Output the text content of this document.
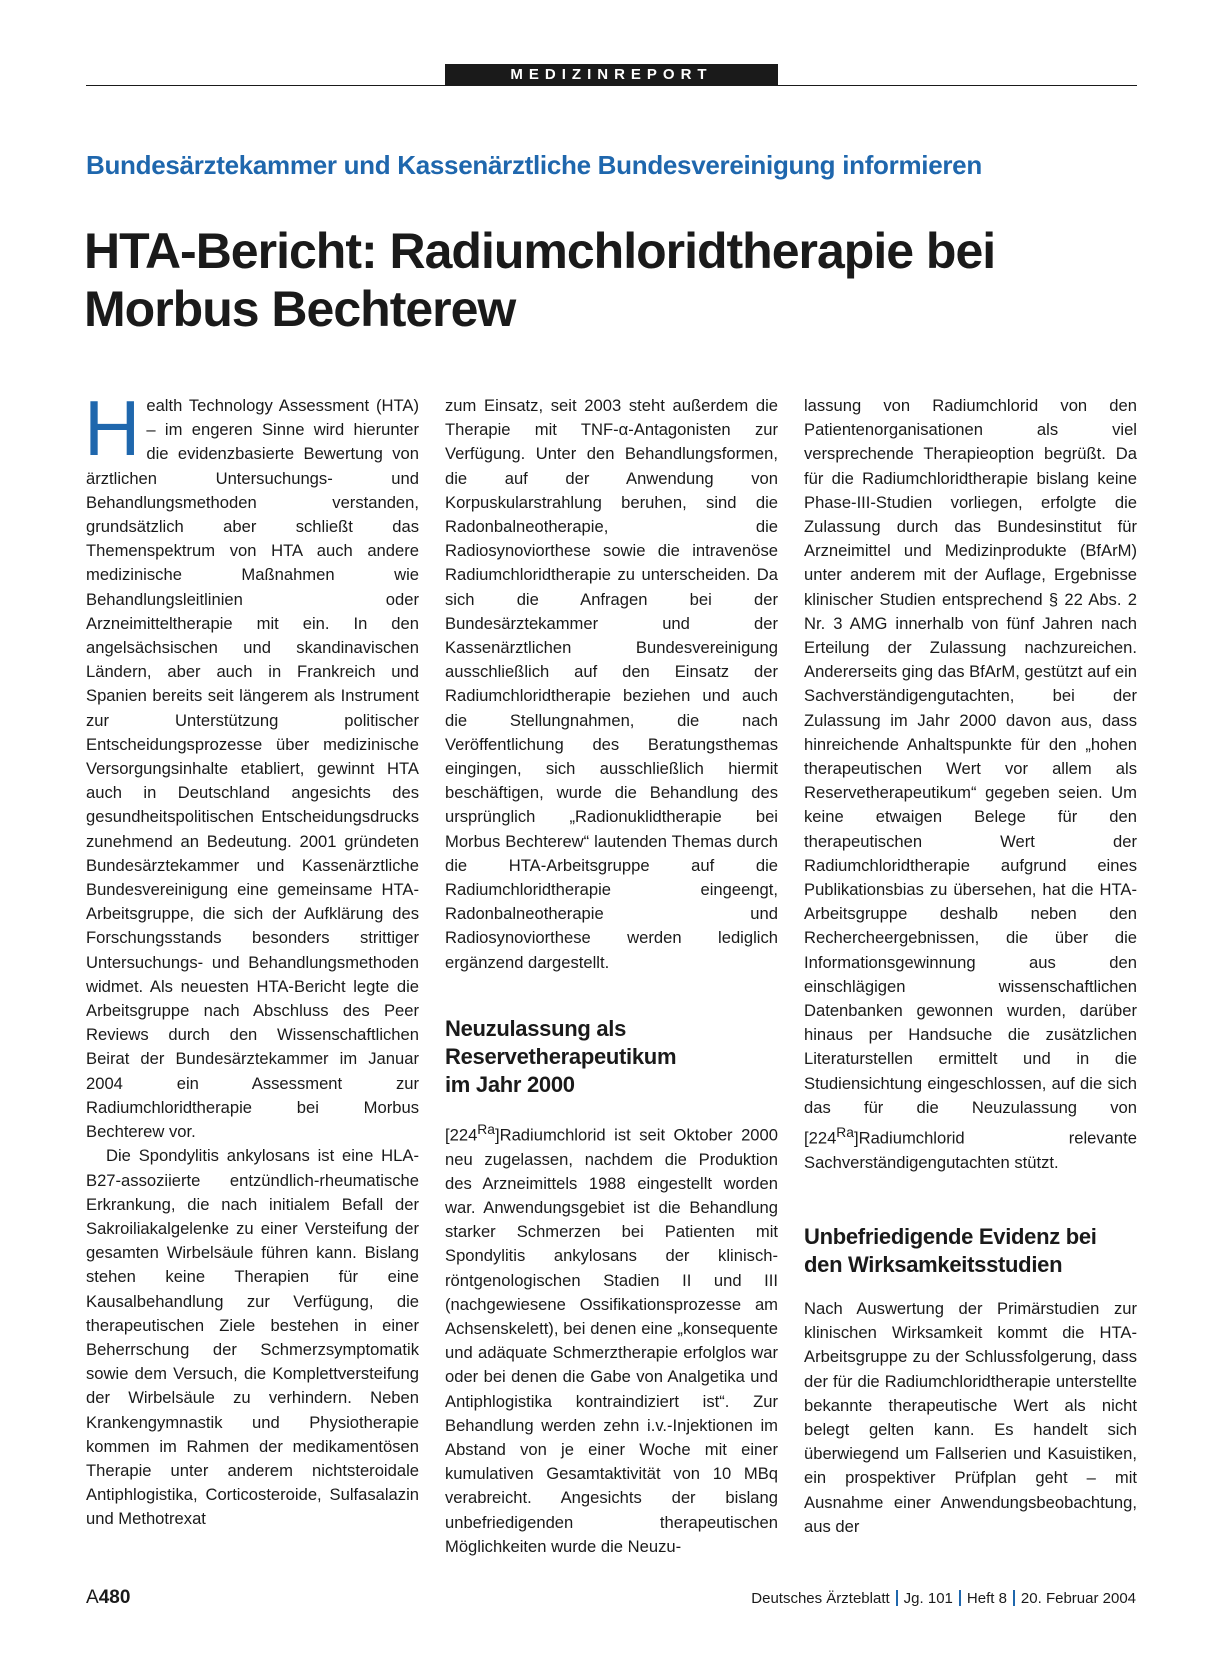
MEDIZINREPORT
Bundesärztekammer und Kassenärztliche Bundesvereinigung informieren
HTA-Bericht: Radiumchloridtherapie bei
Morbus Bechterew

Health Technology Assessment (HTA) – im engeren Sinne wird hierunter die evidenzbasierte Bewertung von ärztlichen Untersuchungs- und Behandlungsmethoden verstanden, grundsätzlich aber schließt das Themenspektrum von HTA auch andere medizinische Maßnahmen wie Behandlungsleitlinien oder Arzneimitteltherapie mit ein. In den angelsächsischen und skandinavischen Ländern, aber auch in Frankreich und Spanien bereits seit längerem als Instrument zur Unterstützung politischer Entscheidungsprozesse über medizinische Versorgungsinhalte etabliert, gewinnt HTA auch in Deutschland angesichts des gesundheitspolitischen Entscheidungsdrucks zunehmend an Bedeutung. 2001 gründeten Bundesärztekammer und Kassenärztliche Bundesvereinigung eine gemeinsame HTA-Arbeitsgruppe, die sich der Aufklärung des Forschungsstands besonders strittiger Untersuchungs- und Behandlungsmethoden widmet. Als neuesten HTA-Bericht legte die Arbeitsgruppe nach Abschluss des Peer Reviews durch den Wissenschaftlichen Beirat der Bundesärztekammer im Januar 2004 ein Assessment zur Radiumchloridtherapie bei Morbus Bechterew vor.

Die Spondylitis ankylosans ist eine HLA-B27-assoziierte entzündlich-rheumatische Erkrankung, die nach initialem Befall der Sakroiliakalgelenke zu einer Versteifung der gesamten Wirbelsäule führen kann. Bislang stehen keine Therapien für eine Kausalbehandlung zur Verfügung, die therapeutischen Ziele bestehen in einer Beherrschung der Schmerzsymptomatik sowie dem Versuch, die Komplettversteifung der Wirbelsäule zu verhindern. Neben Krankengymnastik und Physiotherapie kommen im Rahmen der medikamentösen Therapie unter anderem nichtsteroidale Antiphlogistika, Corticosteroide, Sulfasalazin und Methotrexat

zum Einsatz, seit 2003 steht außerdem die Therapie mit TNF-α-Antagonisten zur Verfügung. Unter den Behandlungsformen, die auf der Anwendung von Korpuskularstrahlung beruhen, sind die Radonbalneotherapie, die Radiosynoviorthese sowie die intravenöse Radiumchloridtherapie zu unterscheiden. Da sich die Anfragen bei der Bundesärztekammer und der Kassenärztlichen Bundesvereinigung ausschließlich auf den Einsatz der Radiumchloridtherapie beziehen und auch die Stellungnahmen, die nach Veröffentlichung des Beratungsthemas eingingen, sich ausschließlich hiermit beschäftigen, wurde die Behandlung des ursprünglich „Radionuklidtherapie bei Morbus Bechterew“ lautenden Themas durch die HTA-Arbeitsgruppe auf die Radiumchloridtherapie eingeengt, Radonbalneotherapie und Radiosynoviorthese werden lediglich ergänzend dargestellt.

Neuzulassung als
Reservetherapeutikum
im Jahr 2000

$[224^{Ra}]Radiumchlorid$ ist seit Oktober 2000 neu zugelassen, nachdem die Produktion des Arzneimittels 1988 eingestellt worden war. Anwendungsgebiet ist die Behandlung starker Schmerzen bei Patienten mit Spondylitis ankylosans der klinisch-röntgenologischen Stadien II und III (nachgewiesene Ossifikationsprozesse am Achsenskelett), bei denen eine „konsequente und adäquate Schmerztherapie erfolglos war oder bei denen die Gabe von Analgetika und Antiphlogistika kontraindiziert ist“. Zur Behandlung werden zehn i.v.-Injektionen im Abstand von je einer Woche mit einer kumulativen Gesamtaktivität von 10 MBq verabreicht. Angesichts der bislang unbefriedigenden therapeutischen Möglichkeiten wurde die Neuzu-

lassung von Radiumchlorid von den Patientenorganisationen als viel versprechende Therapieoption begrüßt. Da für die Radiumchloridtherapie bislang keine Phase-III-Studien vorliegen, erfolgte die Zulassung durch das Bundesinstitut für Arzneimittel und Medizinprodukte (BfArM) unter anderem mit der Auflage, Ergebnisse klinischer Studien entsprechend § 22 Abs. 2 Nr. 3 AMG innerhalb von fünf Jahren nach Erteilung der Zulassung nachzureichen. Andererseits ging das BfArM, gestützt auf ein Sachverständigengutachten, bei der Zulassung im Jahr 2000 davon aus, dass hinreichende Anhaltspunkte für den „hohen therapeutischen Wert vor allem als Reservetherapeutikum“ gegeben seien. Um keine etwaigen Belege für den therapeutischen Wert der Radiumchloridtherapie aufgrund eines Publikationsbias zu übersehen, hat die HTA-Arbeitsgruppe deshalb neben den Rechercheergebnissen, die über die Informationsgewinnung aus den einschlägigen wissenschaftlichen Datenbanken gewonnen wurden, darüber hinaus per Handsuche die zusätzlichen Literaturstellen ermittelt und in die Studiensichtung eingeschlossen, auf die sich das für die Neuzulassung von $[224^{Ra}]Radiumchlorid$ relevante Sachverständigengutachten stützt.

Unbefriedigende Evidenz bei
den Wirksamkeitsstudien

Nach Auswertung der Primärstudien zur klinischen Wirksamkeit kommt die HTA-Arbeitsgruppe zu der Schlussfolgerung, dass der für die Radiumchloridtherapie unterstellte bekannte therapeutische Wert als nicht belegt gelten kann. Es handelt sich überwiegend um Fallserien und Kasuistiken, ein prospektiver Prüfplan geht – mit Ausnahme einer Anwendungsbeobachtung, aus der

A480	Deutsches Ärzteblatt Jg. 101 Heft 8 20. Februar 2004
